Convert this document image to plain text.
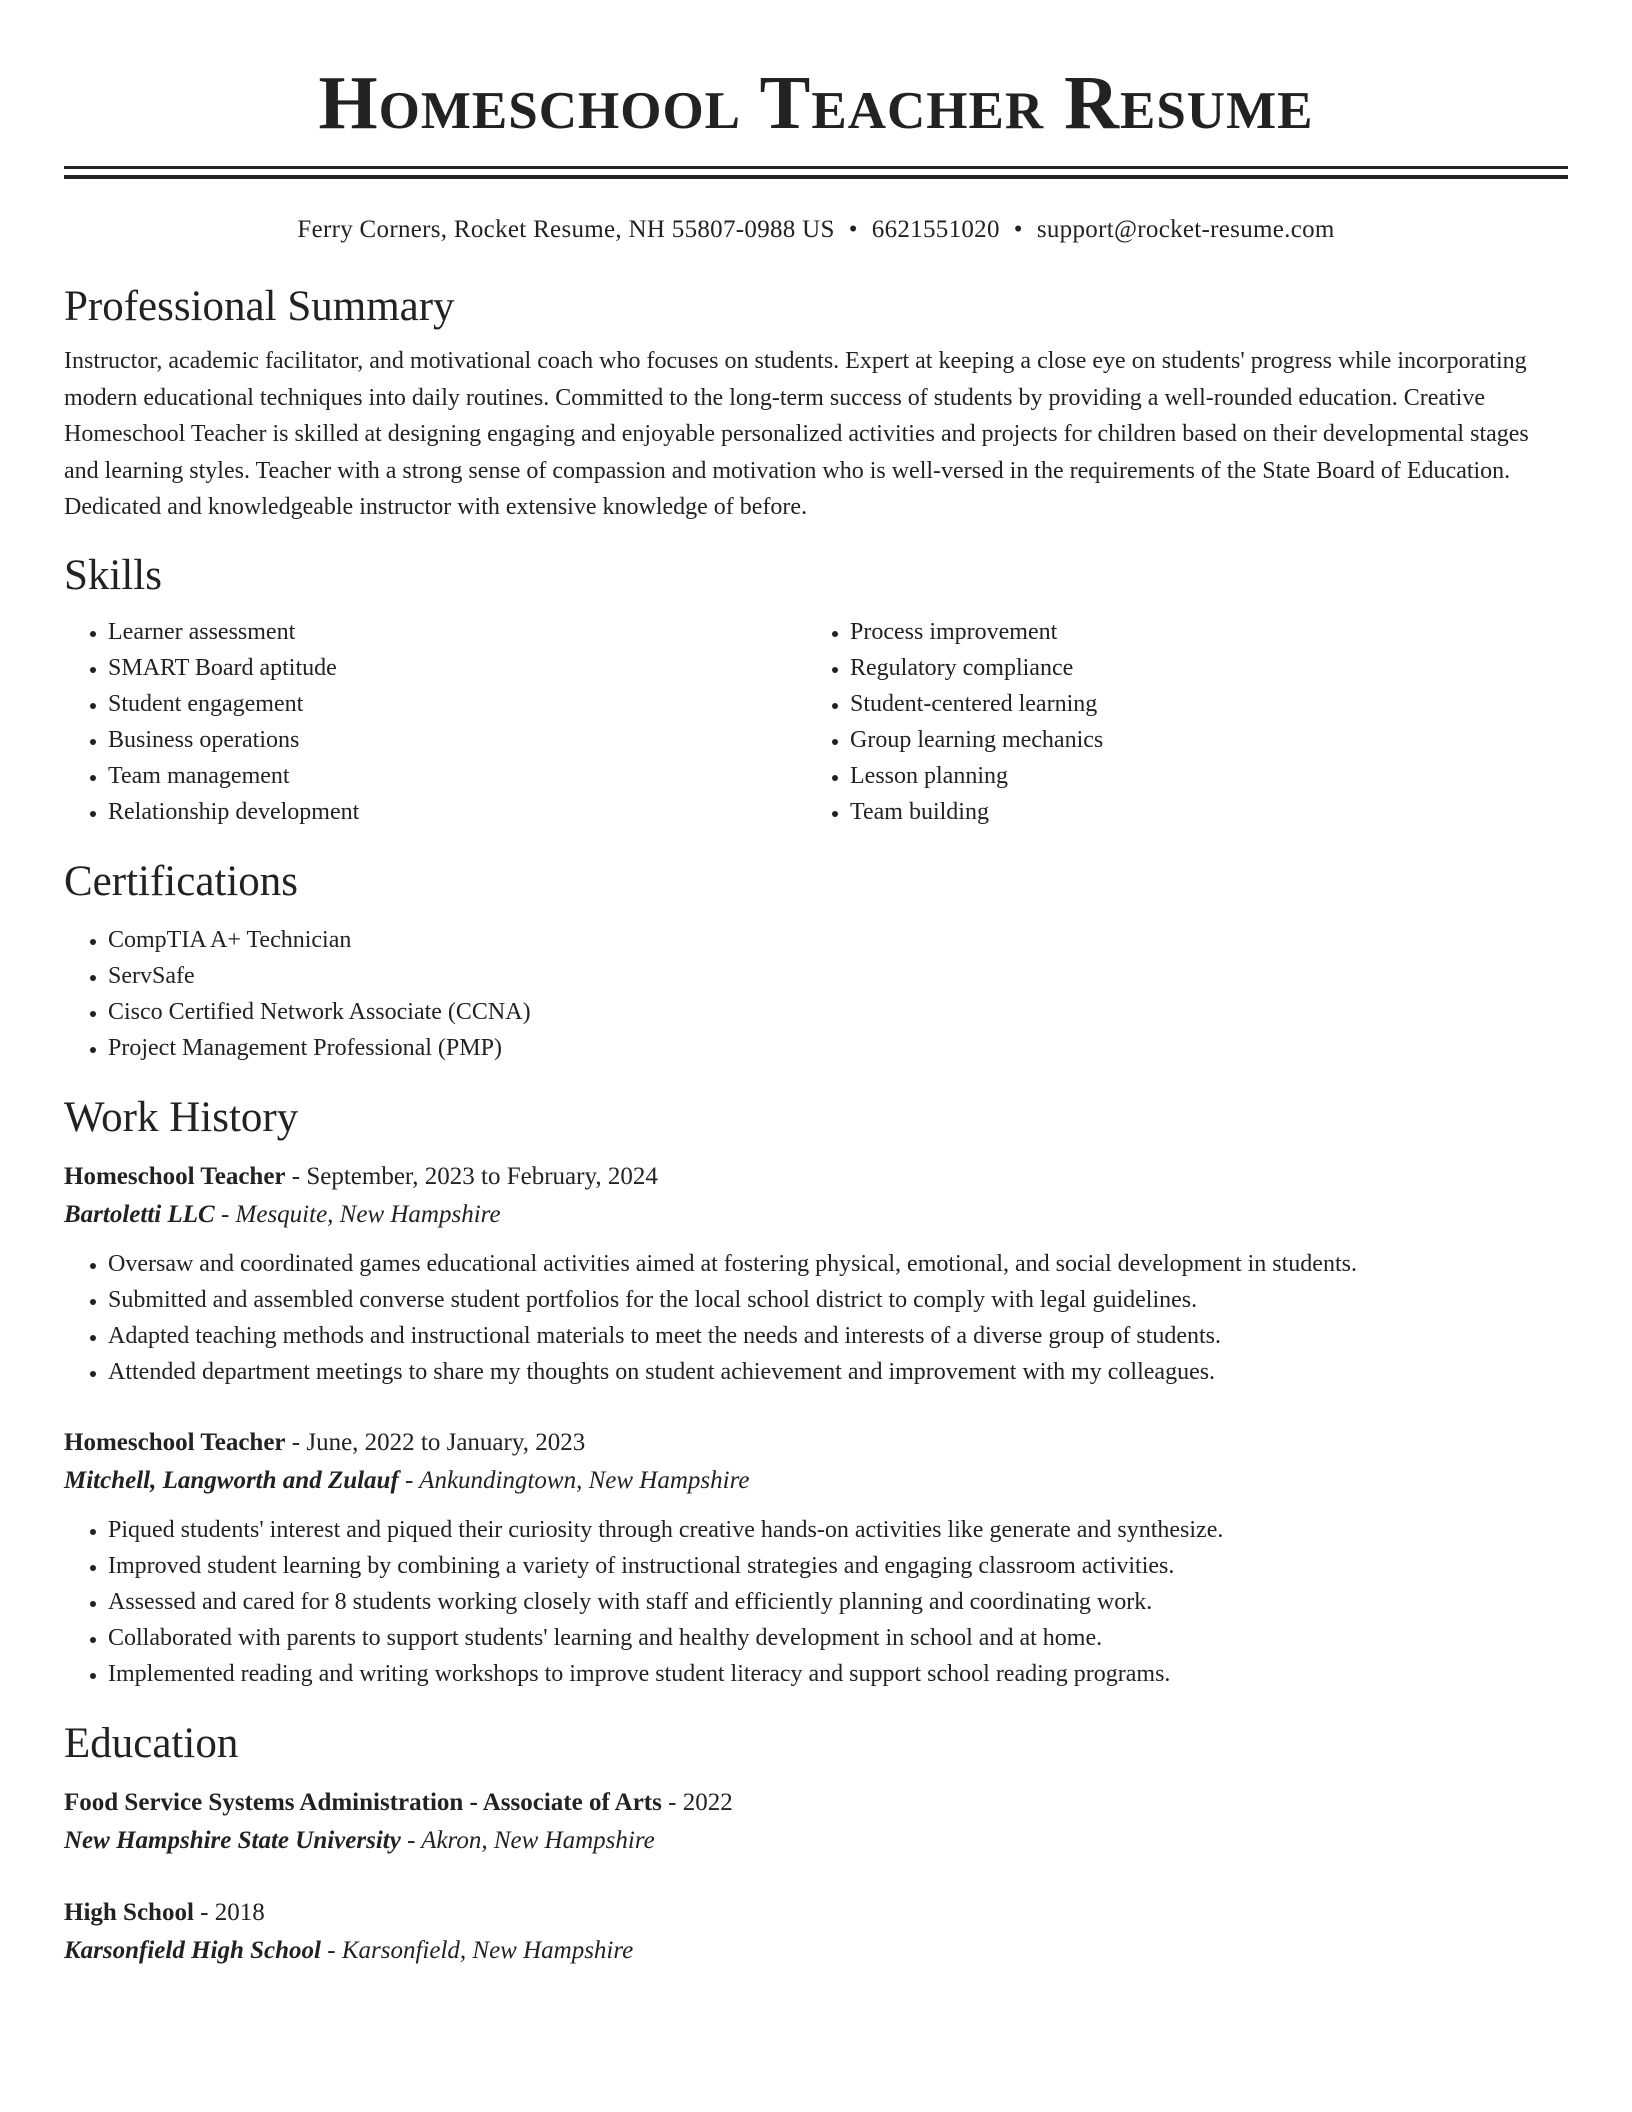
Homeschool Teacher Resume
Ferry Corners, Rocket Resume, NH 55807-0988 US • 6621551020 • support@rocket-resume.com
Professional Summary

Instructor, academic facilitator, and motivational coach who focuses on students. Expert at keeping a close eye on students' progress while incorporating modern educational techniques into daily routines. Committed to the long-term success of students by providing a well-rounded education. Creative Homeschool Teacher is skilled at designing engaging and enjoyable personalized activities and projects for children based on their developmental stages and learning styles. Teacher with a strong sense of compassion and motivation who is well-versed in the requirements of the State Board of Education. Dedicated and knowledgeable instructor with extensive knowledge of before.

Skills
• Learner assessment
• SMART Board aptitude
• Student engagement
• Business operations
• Team management
• Relationship development
• Process improvement
• Regulatory compliance
• Student-centered learning
• Group learning mechanics
• Lesson planning
• Team building
Certifications
• CompTIA A+ Technician
• ServSafe
• Cisco Certified Network Associate (CCNA)
• Project Management Professional (PMP)
Work History
Homeschool Teacher - September, 2023 to February, 2024
Bartoletti LLC - Mesquite, New Hampshire
• Oversaw and coordinated games educational activities aimed at fostering physical, emotional, and social development in students.
• Submitted and assembled converse student portfolios for the local school district to comply with legal guidelines.
• Adapted teaching methods and instructional materials to meet the needs and interests of a diverse group of students.
• Attended department meetings to share my thoughts on student achievement and improvement with my colleagues.
Homeschool Teacher - June, 2022 to January, 2023
Mitchell, Langworth and Zulauf - Ankundingtown, New Hampshire
• Piqued students' interest and piqued their curiosity through creative hands-on activities like generate and synthesize.
• Improved student learning by combining a variety of instructional strategies and engaging classroom activities.
• Assessed and cared for 8 students working closely with staff and efficiently planning and coordinating work.
• Collaborated with parents to support students' learning and healthy development in school and at home.
• Implemented reading and writing workshops to improve student literacy and support school reading programs.
Education
Food Service Systems Administration - Associate of Arts - 2022
New Hampshire State University - Akron, New Hampshire
High School - 2018
Karsonfield High School - Karsonfield, New Hampshire
